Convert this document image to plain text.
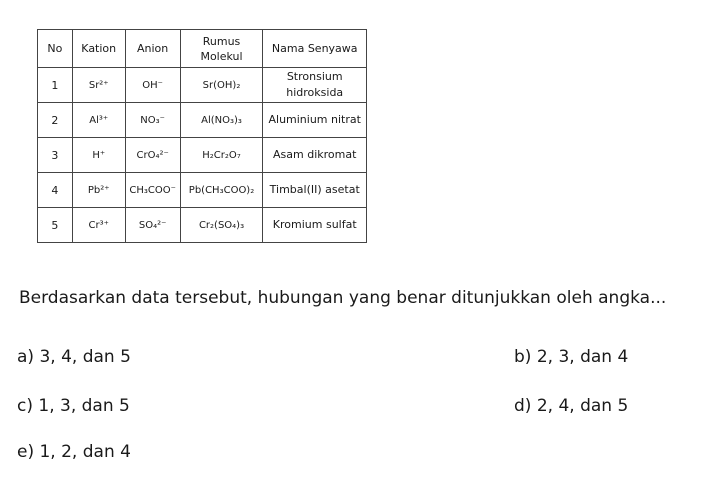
No	Kation	Anion	Rumus Molekul	Nama Senyawa
1	Sr²⁺	OH⁻	Sr(OH)₂	Stronsium hidroksida
2	Al³⁺	NO₃⁻	Al(NO₃)₃	Aluminium nitrat
3	H⁺	CrO₄²⁻	H₂Cr₂O₇	Asam dikromat
4	Pb²⁺	CH₃COO⁻	Pb(CH₃COO)₂	Timbal(II) asetat
5	Cr³⁺	SO₄²⁻	Cr₂(SO₄)₃	Kromium sulfat
Berdasarkan data tersebut, hubungan yang benar ditunjukkan oleh angka...
a) 3, 4, dan 5	b) 2, 3, dan 4
c) 1, 3, dan 5	d) 2, 4, dan 5
e) 1, 2, dan 4
